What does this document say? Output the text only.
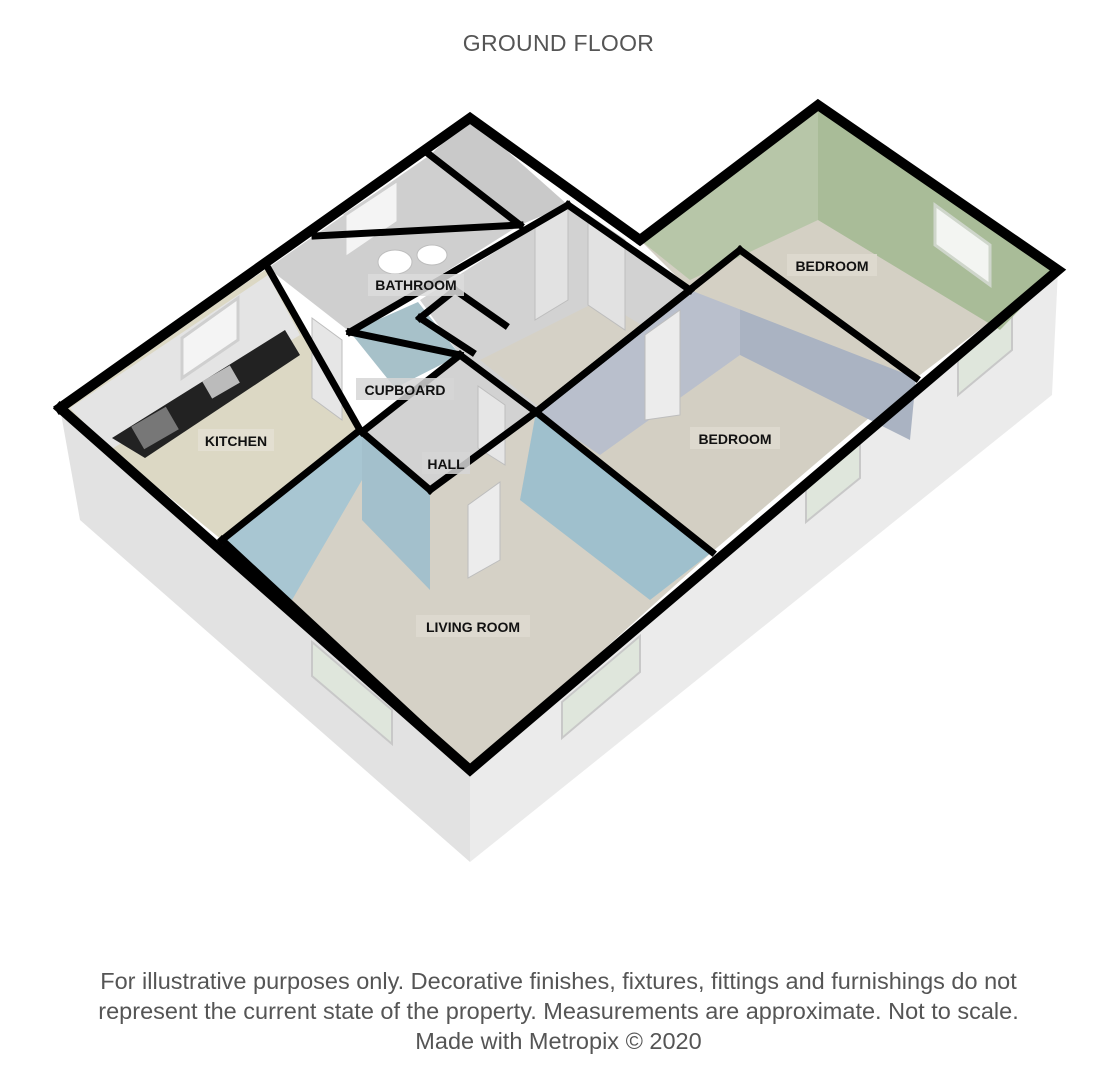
GROUND FLOOR
KITCHEN
BATHROOM
CUPBOARD
HALL
LIVING ROOM
BEDROOM
BEDROOM
For illustrative purposes only. Decorative finishes, fixtures, fittings and furnishings do not
represent the current state of the property. Measurements are approximate. Not to scale.
Made with Metropix © 2020
